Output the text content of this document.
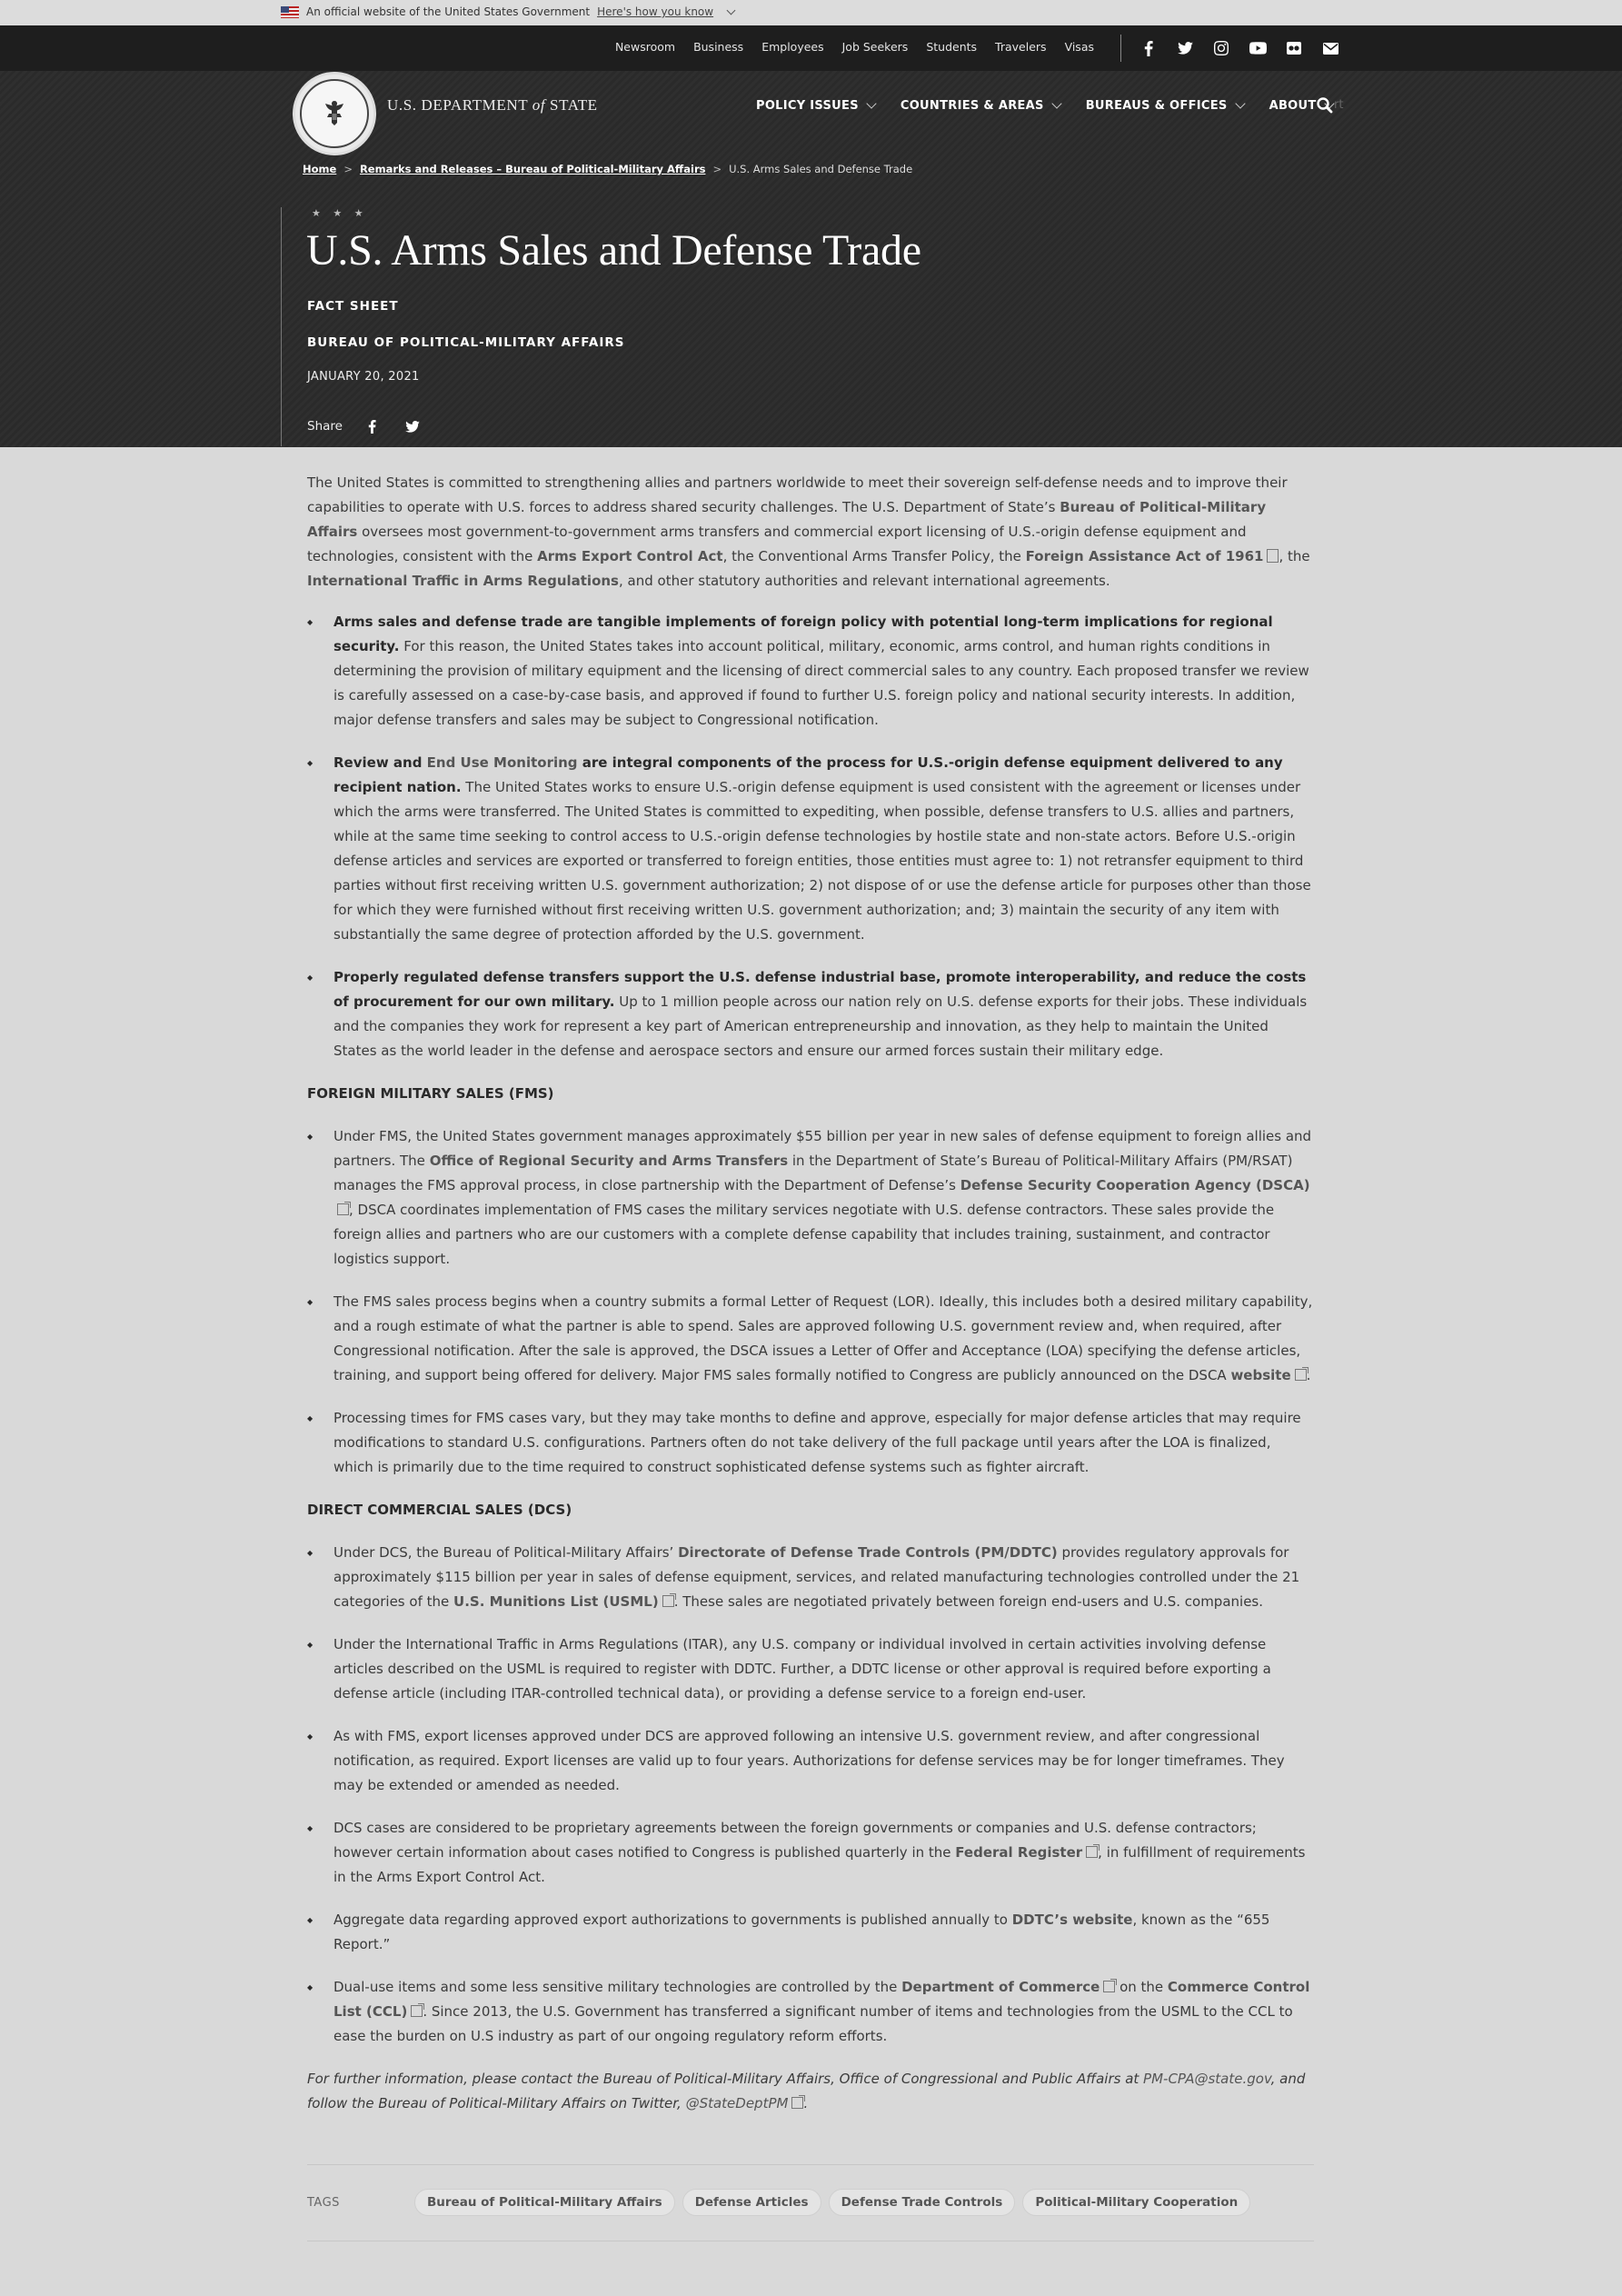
An official website of the United States Government Here's how you know
Newsroom Business Employees Job Seekers Students Travelers Visas
U.S. DEPARTMENT of STATE	POLICY ISSUES	COUNTRIES & AREAS	BUREAUS & OFFICES	ABOUT rt
Home > Remarks and Releases – Bureau of Political-Military Affairs > U.S. Arms Sales and Defense Trade
★ ★ ★
U.S. Arms Sales and Defense Trade
FACT SHEET
BUREAU OF POLITICAL-MILITARY AFFAIRS
JANUARY 20, 2021
Share

The United States is committed to strengthening allies and partners worldwide to meet their sovereign self-defense needs and to improve their capabilities to operate with U.S. forces to address shared security challenges. The U.S. Department of State’s Bureau of Political-Military Affairs oversees most government-to-government arms transfers and commercial export licensing of U.S.-origin defense equipment and technologies, consistent with the Arms Export Control Act, the Conventional Arms Transfer Policy, the Foreign Assistance Act of 1961 , the International Traffic in Arms Regulations, and other statutory authorities and relevant international agreements.

◆ Arms sales and defense trade are tangible implements of foreign policy with potential long-term implications for regional security. For this reason, the United States takes into account political, military, economic, arms control, and human rights conditions in determining the provision of military equipment and the licensing of direct commercial sales to any country. Each proposed transfer we review is carefully assessed on a case-by-case basis, and approved if found to further U.S. foreign policy and national security interests. In addition, major defense transfers and sales may be subject to Congressional notification.
◆ Review and End Use Monitoring are integral components of the process for U.S.-origin defense equipment delivered to any recipient nation. The United States works to ensure U.S.-origin defense equipment is used consistent with the agreement or licenses under which the arms were transferred. The United States is committed to expediting, when possible, defense transfers to U.S. allies and partners, while at the same time seeking to control access to U.S.-origin defense technologies by hostile state and non-state actors. Before U.S.-origin defense articles and services are exported or transferred to foreign entities, those entities must agree to: 1) not retransfer equipment to third parties without first receiving written U.S. government authorization; 2) not dispose of or use the defense article for purposes other than those for which they were furnished without first receiving written U.S. government authorization; and; 3) maintain the security of any item with substantially the same degree of protection afforded by the U.S. government.
◆ Properly regulated defense transfers support the U.S. defense industrial base, promote interoperability, and reduce the costs of procurement for our own military. Up to 1 million people across our nation rely on U.S. defense exports for their jobs. These individuals and the companies they work for represent a key part of American entrepreneurship and innovation, as they help to maintain the United States as the world leader in the defense and aerospace sectors and ensure our armed forces sustain their military edge.
FOREIGN MILITARY SALES (FMS)
◆ Under FMS, the United States government manages approximately $55 billion per year in new sales of defense equipment to foreign allies and partners. The Office of Regional Security and Arms Transfers in the Department of State’s Bureau of Political-Military Affairs (PM/RSAT) manages the FMS approval process, in close partnership with the Department of Defense’s Defense Security Cooperation Agency (DSCA), DSCA coordinates implementation of FMS cases the military services negotiate with U.S. defense contractors. These sales provide the foreign allies and partners who are our customers with a complete defense capability that includes training, sustainment, and contractor logistics support.
◆ The FMS sales process begins when a country submits a formal Letter of Request (LOR). Ideally, this includes both a desired military capability, and a rough estimate of what the partner is able to spend. Sales are approved following U.S. government review and, when required, after Congressional notification. After the sale is approved, the DSCA issues a Letter of Offer and Acceptance (LOA) specifying the defense articles, training, and support being offered for delivery. Major FMS sales formally notified to Congress are publicly announced on the DSCA website .
◆ Processing times for FMS cases vary, but they may take months to define and approve, especially for major defense articles that may require modifications to standard U.S. configurations. Partners often do not take delivery of the full package until years after the LOA is finalized, which is primarily due to the time required to construct sophisticated defense systems such as fighter aircraft.
DIRECT COMMERCIAL SALES (DCS)
◆ Under DCS, the Bureau of Political-Military Affairs’ Directorate of Defense Trade Controls (PM/DDTC) provides regulatory approvals for approximately $115 billion per year in sales of defense equipment, services, and related manufacturing technologies controlled under the 21 categories of the U.S. Munitions List (USML) . These sales are negotiated privately between foreign end-users and U.S. companies.
◆ Under the International Traffic in Arms Regulations (ITAR), any U.S. company or individual involved in certain activities involving defense articles described on the USML is required to register with DDTC. Further, a DDTC license or other approval is required before exporting a defense article (including ITAR-controlled technical data), or providing a defense service to a foreign end-user.
◆ As with FMS, export licenses approved under DCS are approved following an intensive U.S. government review, and after congressional notification, as required. Export licenses are valid up to four years. Authorizations for defense services may be for longer timeframes. They may be extended or amended as needed.
◆ DCS cases are considered to be proprietary agreements between the foreign governments or companies and U.S. defense contractors; however certain information about cases notified to Congress is published quarterly in the Federal Register , in fulfillment of requirements in the Arms Export Control Act.
◆ Aggregate data regarding approved export authorizations to governments is published annually to DDTC’s website, known as the “655 Report.”
◆ Dual-use items and some less sensitive military technologies are controlled by the Department of Commerce on the Commerce Control List (CCL) . Since 2013, the U.S. Government has transferred a significant number of items and technologies from the USML to the CCL to ease the burden on U.S industry as part of our ongoing regulatory reform efforts.

For further information, please contact the Bureau of Political-Military Affairs, Office of Congressional and Public Affairs at PM-CPA@state.gov, and follow the Bureau of Political-Military Affairs on Twitter, @StateDeptPM .

TAGS	Bureau of Political-Military Affairs	Defense Articles	Defense Trade Controls	Political-Military Cooperation
